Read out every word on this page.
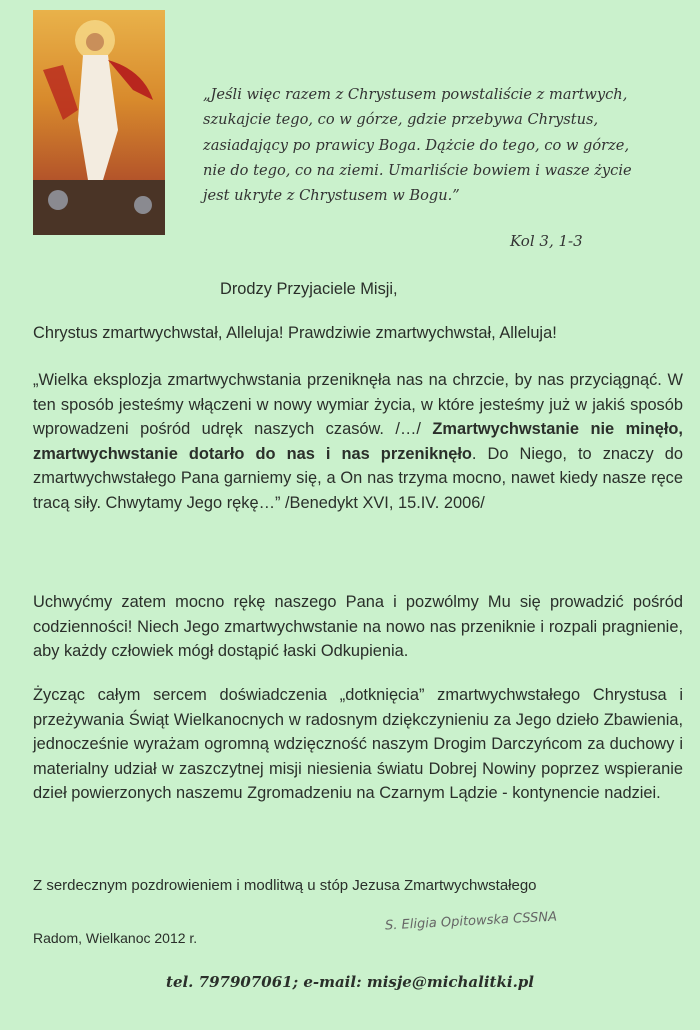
„Jeśli więc razem z Chrystusem powstaliście z martwych,
szukajcie tego, co w górze, gdzie przebywa Chrystus,
zasiadający po prawicy Boga. Dążcie do tego, co w górze,
nie do tego, co na ziemi. Umarliście bowiem i wasze życie
jest ukryte z Chrystusem w Bogu.”
Kol 3, 1-3
Drodzy Przyjaciele Misji,

Chrystus zmartwychwstał, Alleluja! Prawdziwie zmartwychwstał, Alleluja!

„Wielka eksplozja zmartwychwstania przeniknęła nas na chrzcie, by nas przyciągnąć. W ten sposób jesteśmy włączeni w nowy wymiar życia, w które jesteśmy już w jakiś sposób wprowadzeni pośród udręk naszych czasów. /…/ Zmartwychwstanie nie minęło, zmartwychwstanie dotarło do nas i nas przeniknęło. Do Niego, to znaczy do zmartwychwstałego Pana garniemy się, a On nas trzyma mocno, nawet kiedy nasze ręce tracą siły. Chwytamy Jego rękę…” /Benedykt XVI, 15.IV. 2006/

Uchwyćmy zatem mocno rękę naszego Pana i pozwólmy Mu się prowadzić pośród codzienności! Niech Jego zmartwychwstanie na nowo nas przeniknie i rozpali pragnienie, aby każdy człowiek mógł dostąpić łaski Odkupienia.

Życząc całym sercem doświadczenia „dotknięcia” zmartwychwstałego Chrystusa i przeżywania Świąt Wielkanocnych w radosnym dziękczynieniu za Jego dzieło Zbawienia, jednocześnie wyrażam ogromną wdzięczność naszym Drogim Darczyńcom za duchowy i materialny udział w zaszczytnej misji niesienia światu Dobrej Nowiny poprzez wspieranie dzieł powierzonych naszemu Zgromadzeniu na Czarnym Lądzie - kontynencie nadziei.

Z serdecznym pozdrowieniem i modlitwą u stóp Jezusa Zmartwychwstałego

S. Eligia Opitowska CSSNA
Radom, Wielkanoc 2012 r.
tel. 797907061; e-mail: misje@michalitki.pl
